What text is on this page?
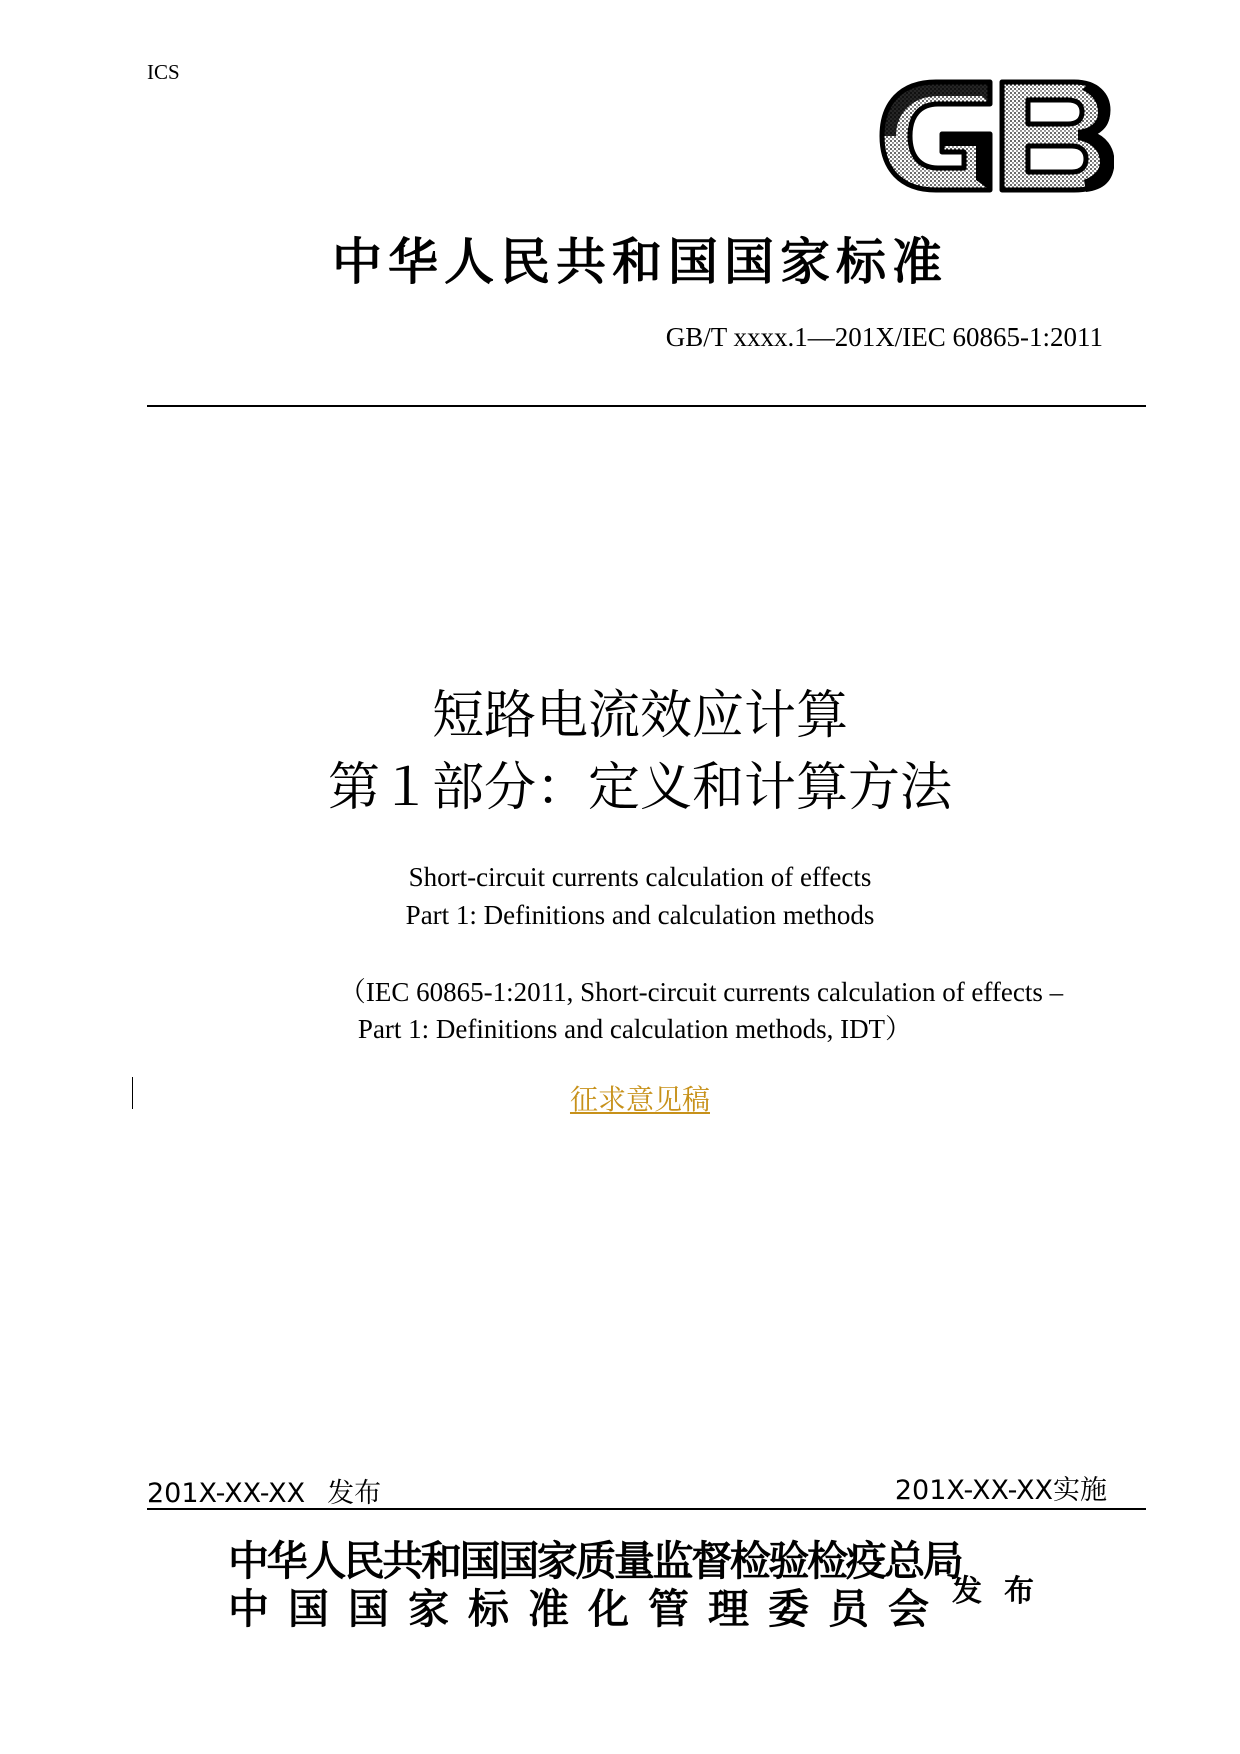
ICS
中华人民共和国国家标准
GB/T xxxx.1—201X/IEC 60865-1:2011
短路电流效应计算
第１部分：定义和计算方法
Short-circuit currents calculation of effects
Part 1: Definitions and calculation methods
（IEC 60865-1:2011, Short-circuit currents calculation of effects –
Part 1: Definitions and calculation methods, IDT）
征求意见稿
201X-XX-XX 发布	201X-XX-XX实施
中华人民共和国国家质量监督检验检疫总局
中国国家标准化管理委员会 发布
